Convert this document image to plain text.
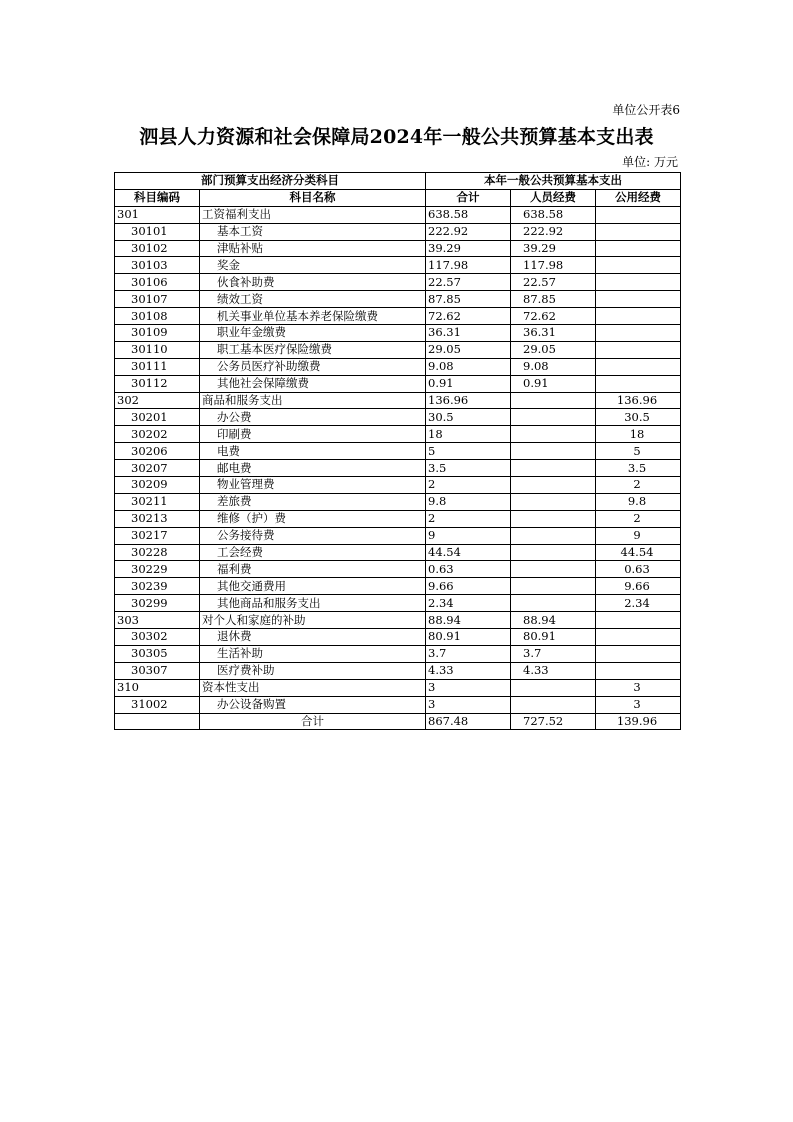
单位公开表6
泗县人力资源和社会保障局2024年一般公共预算基本支出表
单位: 万元
部门预算支出经济分类科目		本年一般公共预算基本支出		
科目编码	科目名称	合计	人员经费	公用经费
301	工资福利支出	638.58	638.58	
30101	基本工资	222.92	222.92	
30102	津贴补贴	39.29	39.29	
30103	奖金	117.98	117.98	
30106	伙食补助费	22.57	22.57	
30107	绩效工资	87.85	87.85	
30108	机关事业单位基本养老保险缴费	72.62	72.62	
30109	职业年金缴费	36.31	36.31	
30110	职工基本医疗保险缴费	29.05	29.05	
30111	公务员医疗补助缴费	9.08	9.08	
30112	其他社会保障缴费	0.91	0.91	
302	商品和服务支出	136.96		136.96
30201	办公费	30.5		30.5
30202	印刷费	18		18
30206	电费	5		5
30207	邮电费	3.5		3.5
30209	物业管理费	2		2
30211	差旅费	9.8		9.8
30213	维修（护）费	2		2
30217	公务接待费	9		9
30228	工会经费	44.54		44.54
30229	福利费	0.63		0.63
30239	其他交通费用	9.66		9.66
30299	其他商品和服务支出	2.34		2.34
303	对个人和家庭的补助	88.94	88.94	
30302	退休费	80.91	80.91	
30305	生活补助	3.7	3.7	
30307	医疗费补助	4.33	4.33	
310	资本性支出	3		3
31002	办公设备购置	3		3
	合计	867.48	727.52	139.96
